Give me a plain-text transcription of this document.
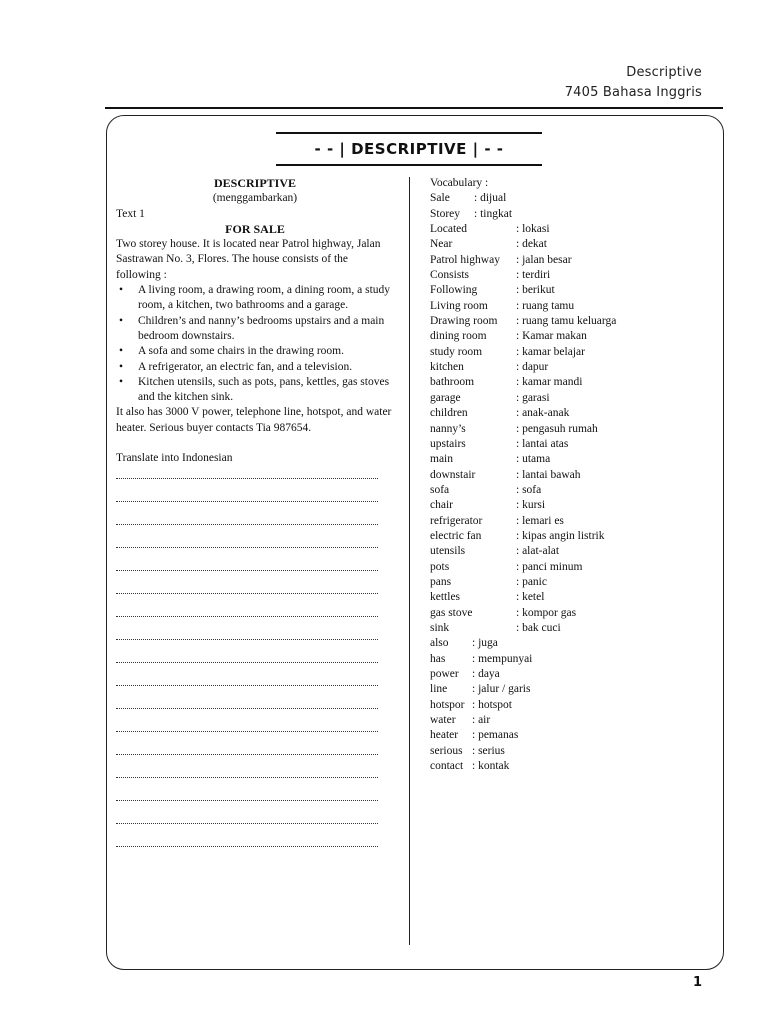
Descriptive
7405 Bahasa Inggris
- - | DESCRIPTIVE | - -
DESCRIPTIVE
(menggambarkan)
Text 1
FOR SALE

Two storey house. It is located near Patrol highway, Jalan Sastrawan No. 3, Flores. The house consists of the following :

• A living room, a drawing room, a dining room, a study room, a kitchen, two bathrooms and a garage.
• Children’s and nanny’s bedrooms upstairs and a main bedroom downstairs.
• A sofa and some chairs in the drawing room.
• A refrigerator, an electric fan, and a television.
• Kitchen utensils, such as pots, pans, kettles, gas stoves and the kitchen sink.

It also has 3000 V power, telephone line, hotspot, and water heater. Serious buyer contacts Tia 987654.

Translate into Indonesian
Vocabulary :
Sale	: dijual
Storey	: tingkat
Located	: lokasi
Near	: dekat
Patrol highway	: jalan besar
Consists	: terdiri
Following	: berikut
Living room	: ruang tamu
Drawing room	: ruang tamu keluarga
dining room	: Kamar makan
study room	: kamar belajar
kitchen	: dapur
bathroom	: kamar mandi
garage	: garasi
children	: anak-anak
nanny’s	: pengasuh rumah
upstairs	: lantai atas
main	: utama
downstair	: lantai bawah
sofa	: sofa
chair	: kursi
refrigerator	: lemari es
electric fan	: kipas angin listrik
utensils	: alat-alat
pots	: panci minum
pans	: panic
kettles	: ketel
gas stove	: kompor gas
sink	: bak cuci
also	: juga
has	: mempunyai
power	: daya
line	: jalur / garis
hotspor : hotspot
water	: air
heater	: pemanas
serious : serius
contact : kontak
1
